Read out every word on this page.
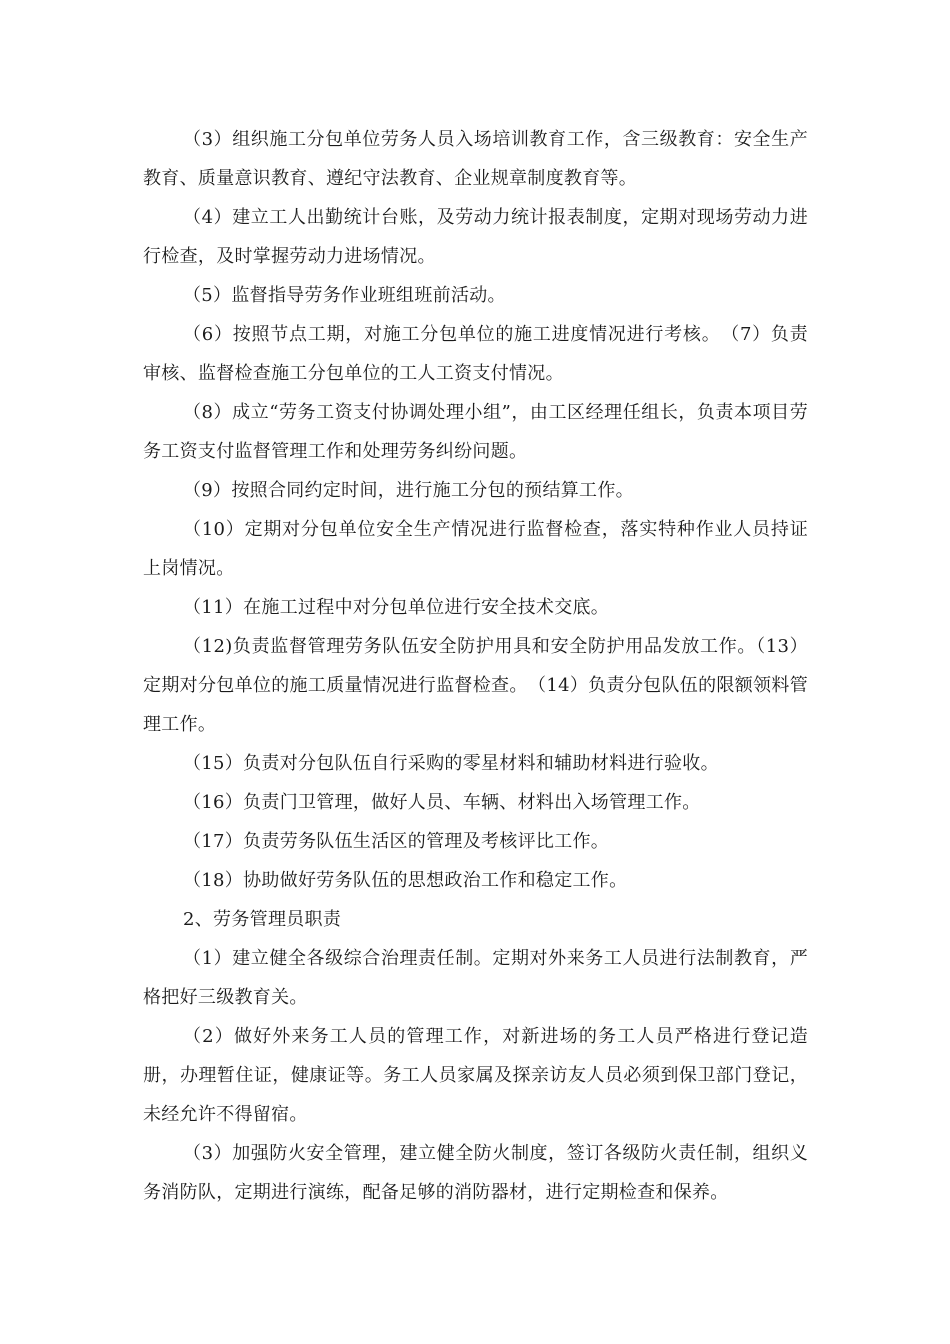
（3）组织施工分包单位劳务人员入场培训教育工作，含三级教育：安全生产教育、质量意识教育、遵纪守法教育、企业规章制度教育等。

（4）建立工人出勤统计台账，及劳动力统计报表制度，定期对现场劳动力进行检查，及时掌握劳动力进场情况。

（5）监督指导劳务作业班组班前活动。

（6）按照节点工期，对施工分包单位的施工进度情况进行考核。　（7）负责审核、监督检查施工分包单位的工人工资支付情况。

（8）成立“劳务工资支付协调处理小组”，由工区经理任组长，负责本项目劳务工资支付监督管理工作和处理劳务纠纷问题。

（9）按照合同约定时间，进行施工分包的预结算工作。

（10）定期对分包单位安全生产情况进行监督检查，落实特种作业人员持证上岗情况。

（11）在施工过程中对分包单位进行安全技术交底。

（12)负责监督管理劳务队伍安全防护用具和安全防护用品发放工作。（13）定期对分包单位的施工质量情况进行监督检查。　（14）负责分包队伍的限额领料管理工作。

（15）负责对分包队伍自行采购的零星材料和辅助材料进行验收。

（16）负责门卫管理，做好人员、车辆、材料出入场管理工作。

（17）负责劳务队伍生活区的管理及考核评比工作。

（18）协助做好劳务队伍的思想政治工作和稳定工作。

2、劳务管理员职责

（1）建立健全各级综合治理责任制。定期对外来务工人员进行法制教育，严格把好三级教育关。

（2）做好外来务工人员的管理工作，对新进场的务工人员严格进行登记造册，办理暂住证，健康证等。务工人员家属及探亲访友人员必须到保卫部门登记，未经允许不得留宿。

（3）加强防火安全管理，建立健全防火制度，签订各级防火责任制，组织义务消防队，定期进行演练，配备足够的消防器材，进行定期检查和保养。
